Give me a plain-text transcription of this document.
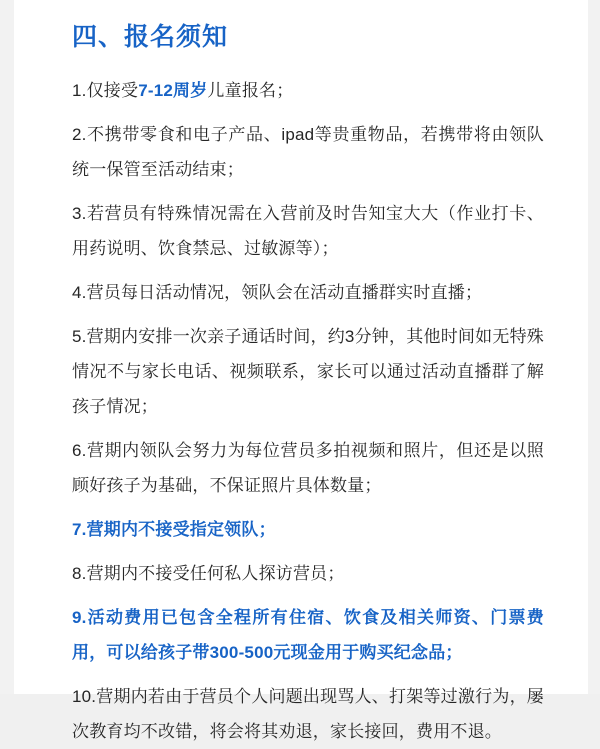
四、报名须知

1.仅接受7-12周岁儿童报名；

2.不携带零食和电子产品、ipad等贵重物品，若携带将由领队统一保管至活动结束；

3.若营员有特殊情况需在入营前及时告知宝大大（作业打卡、用药说明、饮食禁忌、过敏源等）；

4.营员每日活动情况，领队会在活动直播群实时直播；

5.营期内安排一次亲子通话时间，约3分钟，其他时间如无特殊情况不与家长电话、视频联系，家长可以通过活动直播群了解孩子情况；

6.营期内领队会努力为每位营员多拍视频和照片，但还是以照顾好孩子为基础，不保证照片具体数量；

7.营期内不接受指定领队；

8.营期内不接受任何私人探访营员；

9.活动费用已包含全程所有住宿、饮食及相关师资、门票费用，可以给孩子带300-500元现金用于购买纪念品；

10.营期内若由于营员个人问题出现骂人、打架等过激行为，屡次教育均不改错，将会将其劝退，家长接回，费用不退。
